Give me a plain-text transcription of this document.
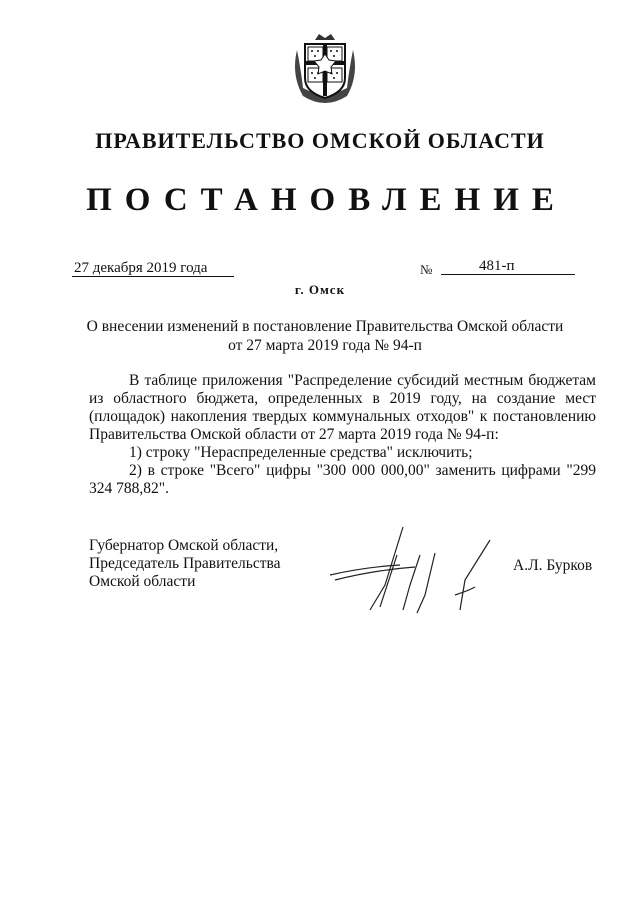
ПРАВИТЕЛЬСТВО ОМСКОЙ ОБЛАСТИ
ПОСТАНОВЛЕНИЕ
27 декабря 2019 года	№	481-п
г. Омск
О внесении изменений в постановление Правительства Омской области
от 27 марта 2019 года № 94-п

В таблице приложения "Распределение субсидий местным бюджетам из областного бюджета, определенных в 2019 году, на создание мест (площадок) накопления твердых коммунальных отходов" к постановлению Правительства Омской области от 27 марта 2019 года № 94-п:

1) строку "Нераспределенные средства" исключить;

2) в строке "Всего" цифры "300 000 000,00" заменить цифрами "299 324 788,82".

Губернатор Омской области,
Председатель Правительства
Омской области
А.Л. Бурков
